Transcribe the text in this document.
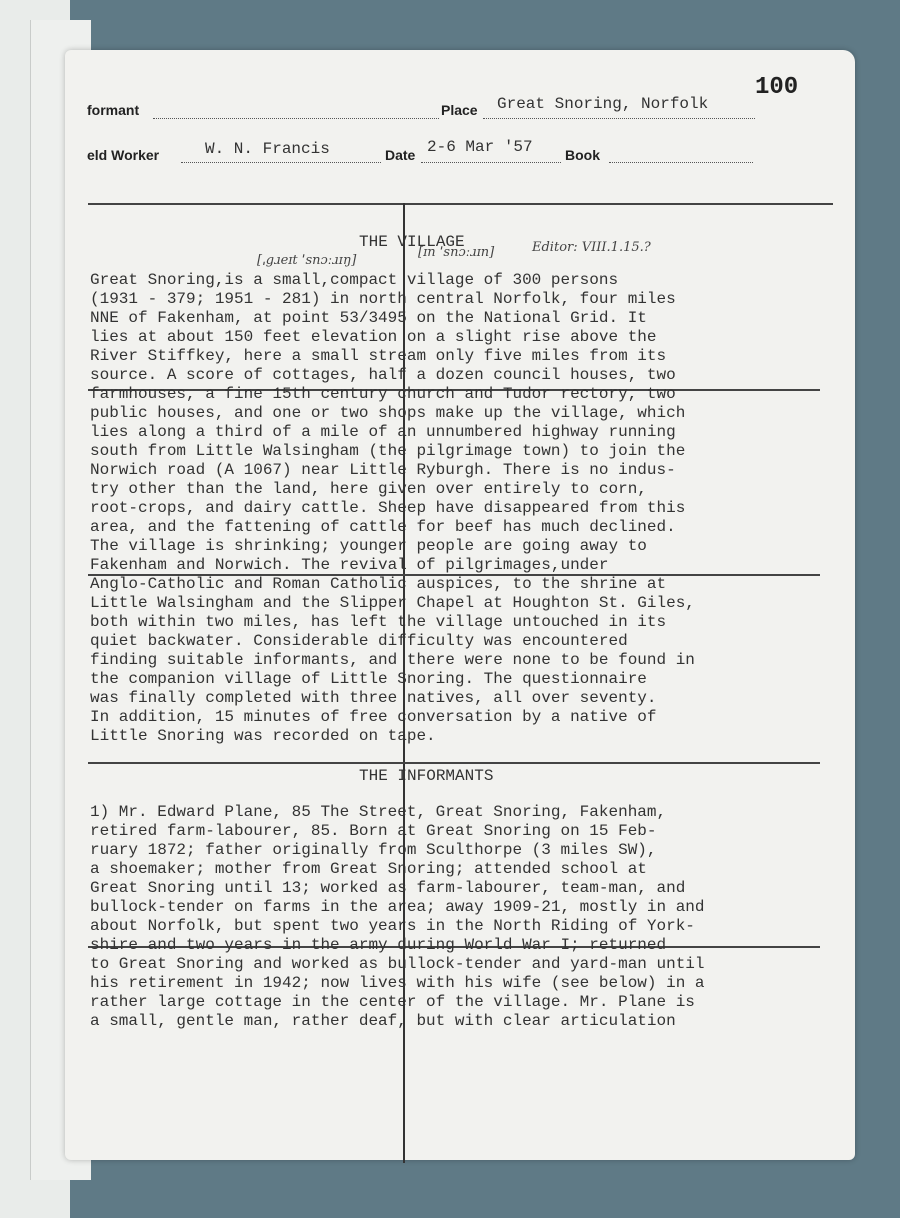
formant	Place Great Snoring, Norfolk
100
eld Worker	W. N. Francis	Date 2-6 Mar '57 Book
THE VILLAGE
[ˌgɹeɪt ˈsnɔːɹɪŋ]
[ɪn ˈsnɔːɹɪn]	Editor: VIII.1.15.?
Great Snoring,is a small,compact village of 300 persons
(1931 - 379; 1951 - 281) in north central Norfolk, four miles
NNE of Fakenham, at point 53/3495 on the National Grid. It
lies at about 150 feet elevation on a slight rise above the
River Stiffkey, here a small stream only five miles from its
source. A score of cottages, half a dozen council houses, two
farmhouses, a fine 15th century church and Tudor rectory, two
public houses, and one or two shops make up the village, which
lies along a third of a mile of an unnumbered highway running
south from Little Walsingham (the pilgrimage town) to join the
Norwich road (A 1067) near Little Ryburgh. There is no indus-
try other than the land, here given over entirely to corn,
root-crops, and dairy cattle. Sheep have disappeared from this
area, and the fattening of cattle for beef has much declined.
The village is shrinking; younger people are going away to
Fakenham and Norwich. The revival of pilgrimages,under
Anglo-Catholic and Roman Catholic auspices, to the shrine at
Little Walsingham and the Slipper Chapel at Houghton St. Giles,
both within two miles, has left the village untouched in its
quiet backwater. Considerable difficulty was encountered
finding suitable informants, and there were none to be found in
the companion village of Little Snoring. The questionnaire
was finally completed with three natives, all over seventy.
In addition, 15 minutes of free conversation by a native of
Little Snoring was recorded on tape.
THE INFORMANTS
1) Mr. Edward Plane, 85 The Street, Great Snoring, Fakenham,
retired farm-labourer, 85. Born at Great Snoring on 15 Feb-
ruary 1872; father originally from Sculthorpe (3 miles SW),
a shoemaker; mother from Great Snoring; attended school at
Great Snoring until 13; worked as farm-labourer, team-man, and
bullock-tender on farms in the area; away 1909-21, mostly in and
about Norfolk, but spent two years in the North Riding of York-
shire and two years in the army during World War I; returned
to Great Snoring and worked as bullock-tender and yard-man until
his retirement in 1942; now lives with his wife (see below) in a
rather large cottage in the center of the village. Mr. Plane is
a small, gentle man, rather deaf, but with clear articulation
